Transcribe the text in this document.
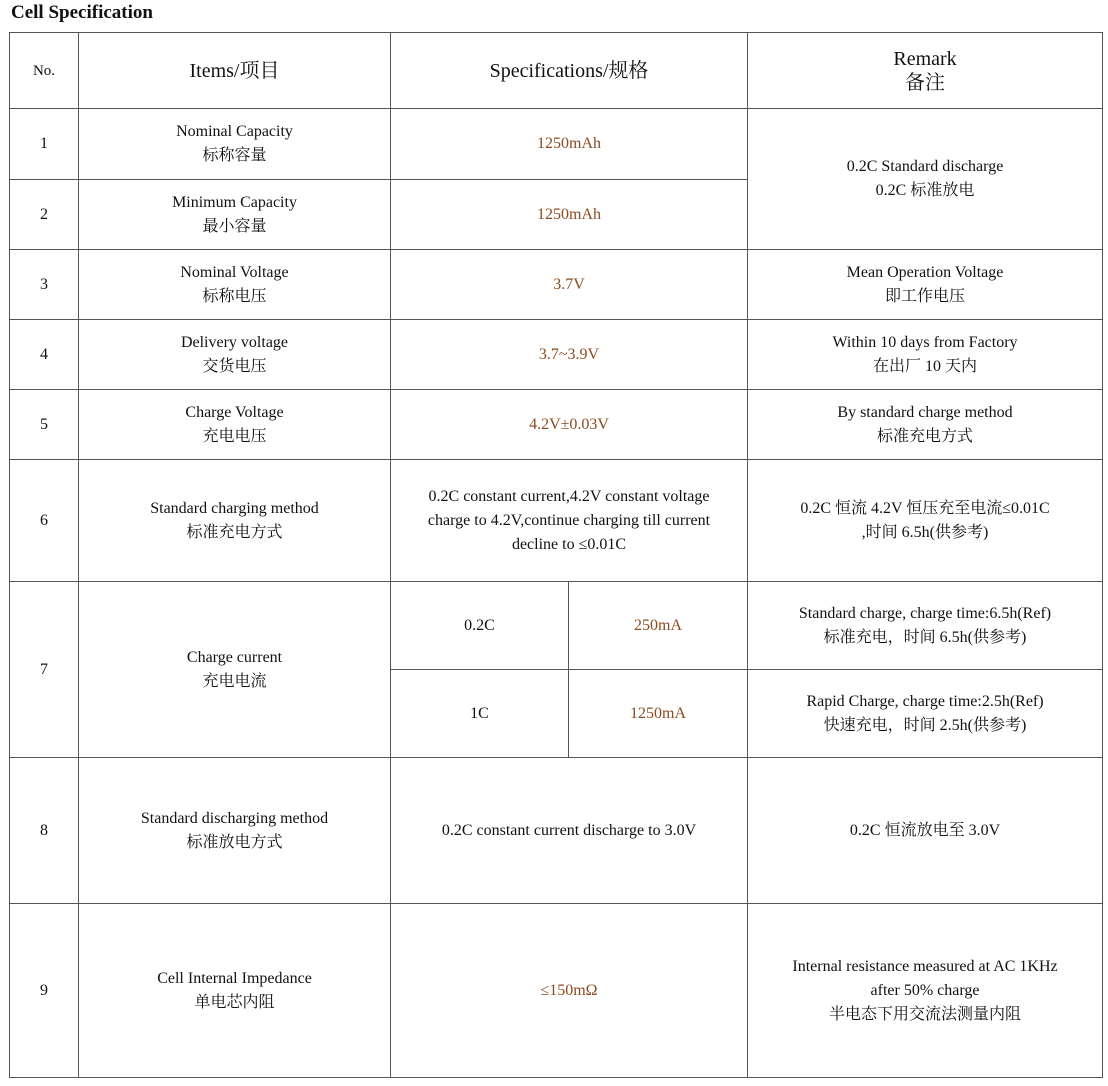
Cell Specification
No.	Items/项目	Specifications/规格		Remark
备注

1	Nominal Capacity
标称容量	1250mAh		0.2C Standard discharge
0.2C 标准放电

2	Minimum Capacity
最小容量	1250mAh		
3	Nominal Voltage
标称电压	3.7V		Mean Operation Voltage
即工作电压

4	Delivery voltage
交货电压	3.7~3.9V		Within 10 days from Factory
在出厂 10 天内

5	Charge Voltage
充电电压	4.2V±0.03V		By standard charge method
标准充电方式

6	Standard charging method
标准充电方式	0.2C constant current,4.2V constant voltage
charge to 4.2V,continue charging till current
decline to ≤0.01C		0.2C 恒流 4.2V 恒压充至电流≤0.01C
,时间 6.5h(供参考)

7	Charge current
充电电流	0.2C	250mA	Standard charge, charge time:6.5h(Ref)
标准充电，时间 6.5h(供参考)

		1C	1250mA	Rapid Charge, charge time:2.5h(Ref)
快速充电，时间 2.5h(供参考)

8	Standard discharging method
标准放电方式	0.2C constant current discharge to 3.0V		0.2C 恒流放电至 3.0V
9	Cell Internal Impedance
单电芯内阻	≤150mΩ		Internal resistance measured at AC 1KHz
after 50% charge
半电态下用交流法测量内阻
